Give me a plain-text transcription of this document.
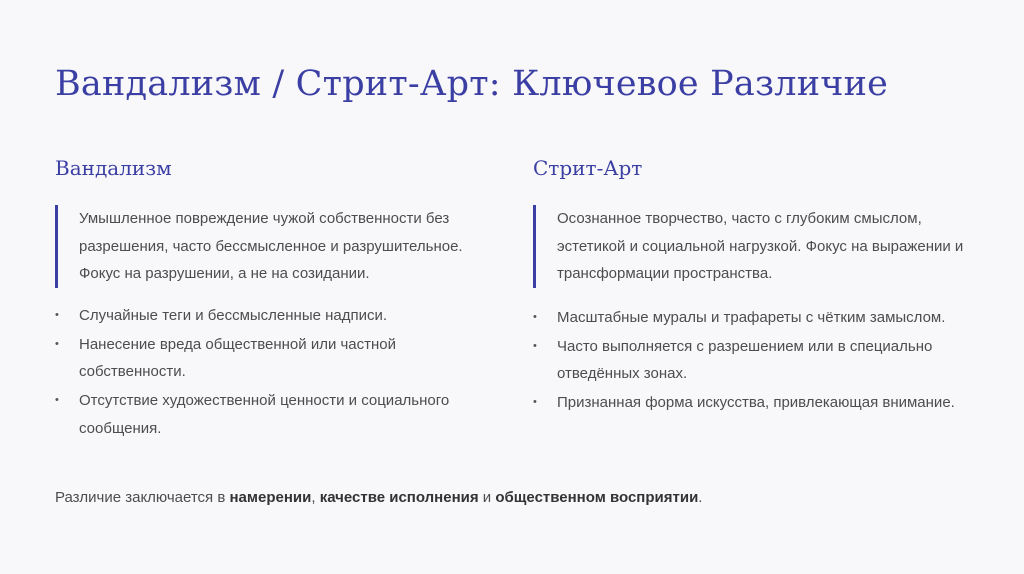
Вандализм / Стрит-Арт: Ключевое Различие
Вандализм
Умышленное повреждение чужой собственности без разрешения, часто бессмысленное и разрушительное. Фокус на разрушении, а не на созидании.
• Случайные теги и бессмысленные надписи.
• Нанесение вреда общественной или частной собственности.
• Отсутствие художественной ценности и социального сообщения.
Стрит-Арт
Осознанное творчество, часто с глубоким смыслом, эстетикой и социальной нагрузкой. Фокус на выражении и трансформации пространства.
• Масштабные муралы и трафареты с чётким замыслом.
• Часто выполняется с разрешением или в специально отведённых зонах.
• Признанная форма искусства, привлекающая внимание.

Различие заключается в намерении, качестве исполнения и общественном восприятии.
